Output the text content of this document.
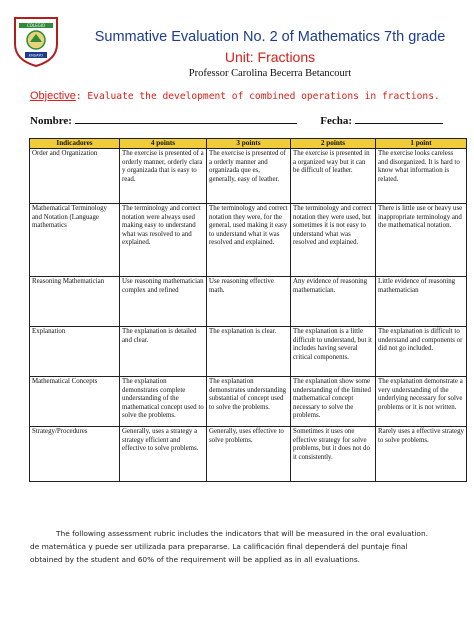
COLEGIO
ENSAYO
Summative Evaluation No. 2 of Mathematics 7th grade
Unit: Fractions
Professor Carolina Becerra Betancourt
Objective: Evaluate the development of combined operations in fractions.
Nombre:	Fecha:
Indicadores	4 points	3 points	2 points	1 point
Order and Organization	The exercise is presented of a orderly manner, orderly clara y organizada that is easy to read.	The exercise is presented of a orderly manner and organizada que es, generally, easy of leather.	The exercise is presented in a organized way but it can be difficult of leather.	The exercise looks careless and disorganized. It is hard to know what information is related.
Mathematical Terminology and Notation (Language mathematics	The terminology and correct notation were always used making easy to understand what was resolved to and explained.	The terminology and correct notation they were, for the general, used making it easy to understand what it was resolved and explained.	The terminology and correct notation they were used, but sometimes it is not easy to understand what was resolved and explained.	There is little use or heavy use inappropriate terminology and the mathematical notation.
Reasoning Mathematician	Use reasoning mathematician complex and refined	Use reasoning effective math.	Any evidence of reasoning mathematician.	Little evidence of reasoning mathematician
Explanation	The explanation is detailed and clear.	The explanation is clear.	The explanation is a little difficult to understand, but it includes having several critical components.	The explanation is difficult to understand and components or did not go included.
Mathematical Concepts	The explanation demonstrates complete understanding of the mathematical concept used to solve the problems.	The explanation demonstrates understanding substantial of concept used to solve the problems.	The explanation show some understanding of the limited mathematical concept necessary to solve the problems.	The explanation demonstrate a very understanding of the underlying necessary for solve problems or it is not written.
Strategy/Procedures	Generally, uses a strategy a strategy efficient and effective to solve problems.	Generally, uses effective to solve problems.	Sometimes it uses one effective strategy for solve problems, but it does not do it consistently.	Rarely uses a effective strategy to solve problems.

The following assessment rubric includes the indicators that will be measured in the oral evaluation.

de matemática y puede ser utilizada para prepararse. La calificación final dependerá del puntaje final

obtained by the student and 60% of the requirement will be applied as in all evaluations.
